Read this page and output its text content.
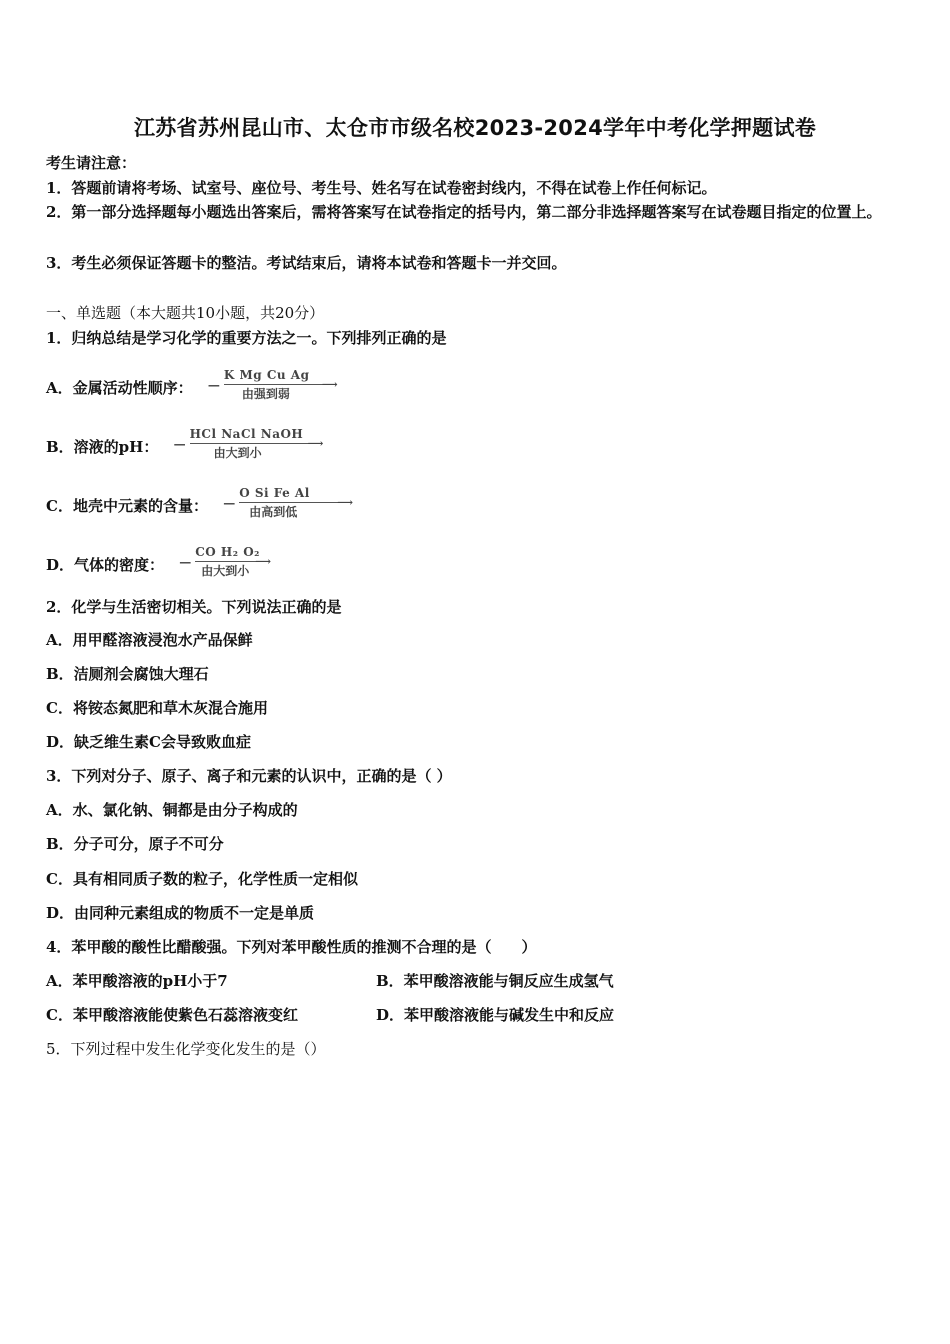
江苏省苏州昆山市、太仓市市级名校2023-2024学年中考化学押题试卷
考生请注意：
1．答题前请将考场、试室号、座位号、考生号、姓名写在试卷密封线内，不得在试卷上作任何标记。
2．第一部分选择题每小题选出答案后，需将答案写在试卷指定的括号内，第二部分非选择题答案写在试卷题目指定的位置上。
3．考生必须保证答题卡的整洁。考试结束后，请将本试卷和答题卡一并交回。
一、单选题（本大题共10小题，共20分）
1．归纳总结是学习化学的重要方法之一。下列排列正确的是
A．金属活动性顺序： —
K Mg Cu Ag
⟶
由强到弱
B．溶液的pH： —
HCl NaCl NaOH
⟶
由大到小
C．地壳中元素的含量： —
O Si Fe Al
⟶
由高到低
D．气体的密度： —
CO H₂ O₂
⟶
由大到小
2．化学与生活密切相关。下列说法正确的是
A．用甲醛溶液浸泡水产品保鲜
B．洁厕剂会腐蚀大理石
C．将铵态氮肥和草木灰混合施用
D．缺乏维生素C会导致败血症
3．下列对分子、原子、离子和元素的认识中，正确的是（ ）
A．水、氯化钠、铜都是由分子构成的
B．分子可分，原子不可分
C．具有相同质子数的粒子，化学性质一定相似
D．由同种元素组成的物质不一定是单质
4．苯甲酸的酸性比醋酸强。下列对苯甲酸性质的推测不合理的是（　　）
A．苯甲酸溶液的pH小于7	B．苯甲酸溶液能与铜反应生成氢气
C．苯甲酸溶液能使紫色石蕊溶液变红	D．苯甲酸溶液能与碱发生中和反应
5．下列过程中发生化学变化发生的是（）
